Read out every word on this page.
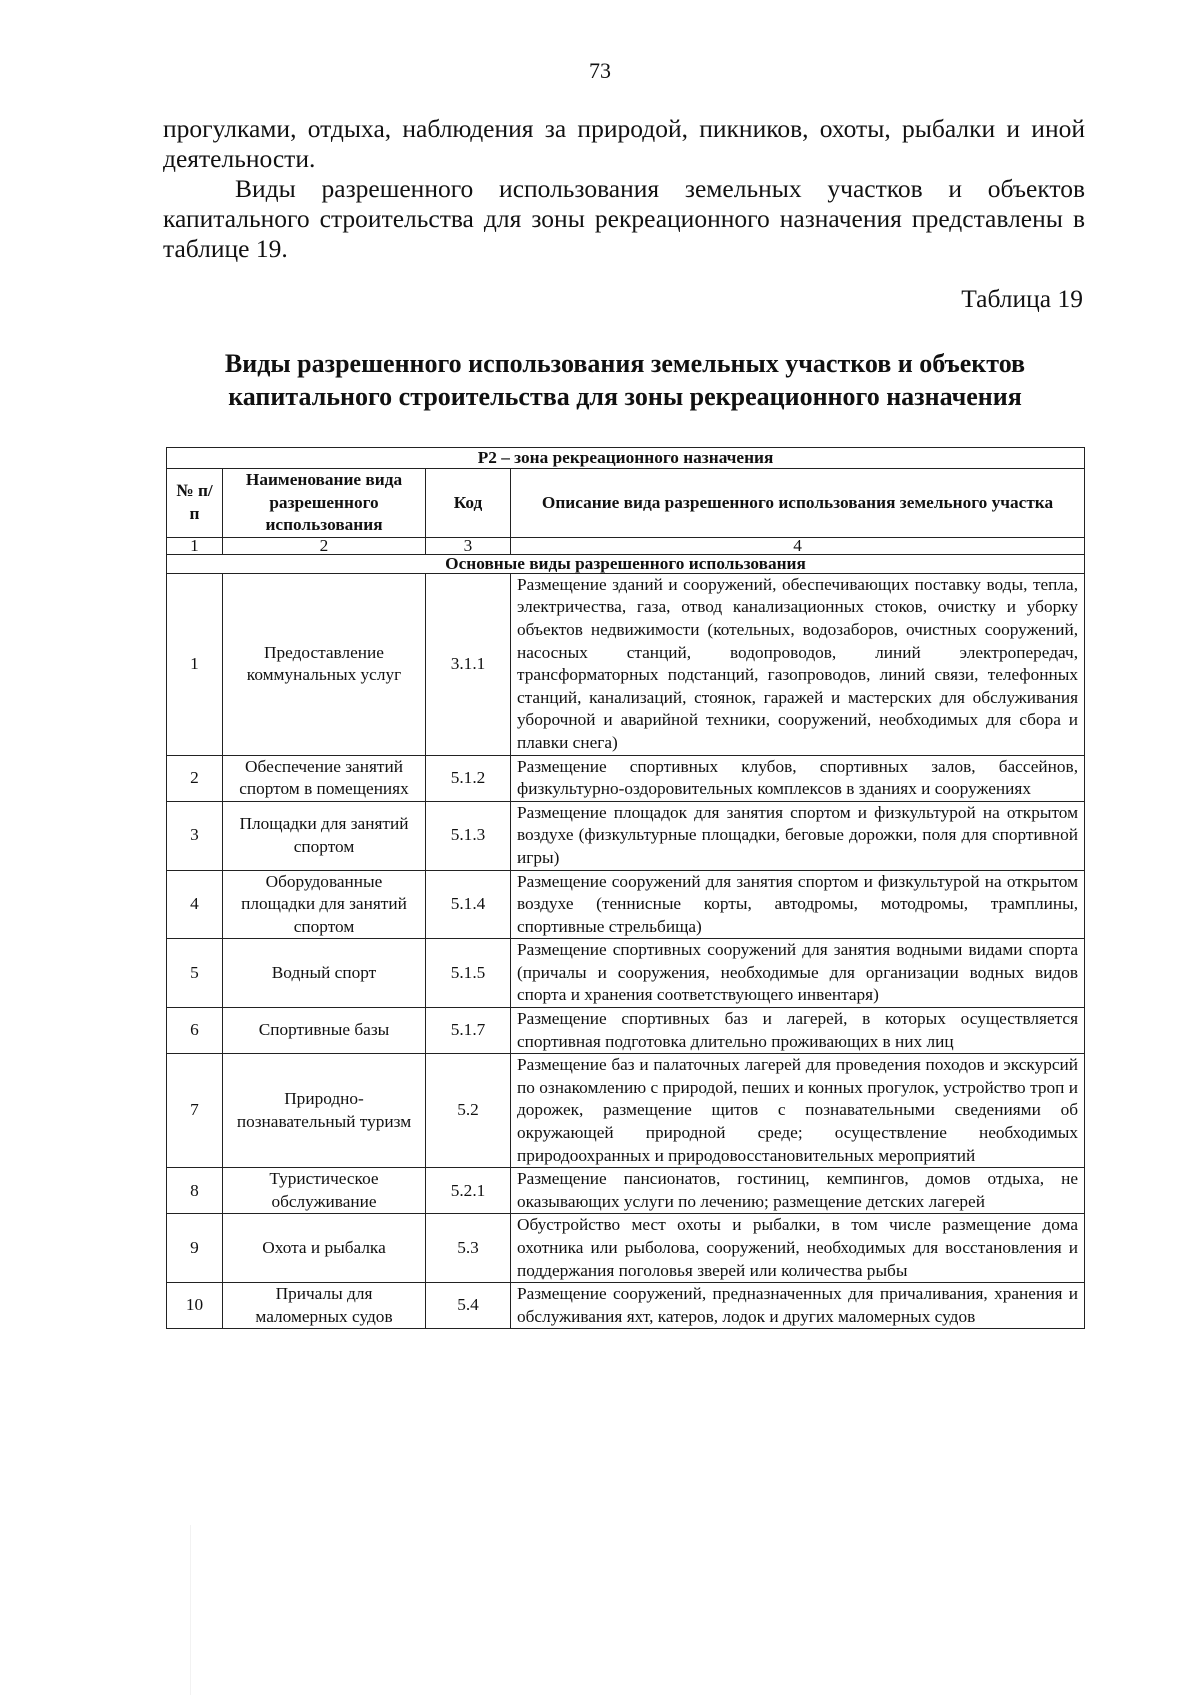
73

прогулками, отдыха, наблюдения за природой, пикников, охоты, рыбалки и иной деятельности.

Виды разрешенного использования земельных участков и объектов капитального строительства для зоны рекреационного назначения представлены в таблице 19.

Таблица 19
Виды разрешенного использования земельных участков и объектов капитального строительства для зоны рекреационного назначения
Р2 – зона рекреационного назначения			
№ п/п	Наименование вида разрешенного использования	Код	Описание вида разрешенного использования земельного участка
1	2	3	4
Основные виды разрешенного использования			
1	Предоставление коммунальных услуг	3.1.1	Размещение зданий и сооружений, обеспечивающих поставку воды, тепла, электричества, газа, отвод канализационных стоков, очистку и уборку объектов недвижимости (котельных, водозаборов, очистных сооружений, насосных станций, водопроводов, линий электропередач, трансформаторных подстанций, газопроводов, линий связи, телефонных станций, канализаций, стоянок, гаражей и мастерских для обслуживания уборочной и аварийной техники, сооружений, необходимых для сбора и плавки снега)
2	Обеспечение занятий спортом в помещениях	5.1.2	Размещение спортивных клубов, спортивных залов, бассейнов, физкультурно-оздоровительных комплексов в зданиях и сооружениях
3	Площадки для занятий спортом	5.1.3	Размещение площадок для занятия спортом и физкультурой на открытом воздухе (физкультурные площадки, беговые дорожки, поля для спортивной игры)
4	Оборудованные площадки для занятий спортом	5.1.4	Размещение сооружений для занятия спортом и физкультурой на открытом воздухе (теннисные корты, автодромы, мотодромы, трамплины, спортивные стрельбища)
5	Водный спорт	5.1.5	Размещение спортивных сооружений для занятия водными видами спорта (причалы и сооружения, необходимые для организации водных видов спорта и хранения соответствующего инвентаря)
6	Спортивные базы	5.1.7	Размещение спортивных баз и лагерей, в которых осуществляется спортивная подготовка длительно проживающих в них лиц
7	Природно-познавательный туризм	5.2	Размещение баз и палаточных лагерей для проведения походов и экскурсий по ознакомлению с природой, пеших и конных прогулок, устройство троп и дорожек, размещение щитов с познавательными сведениями об окружающей природной среде; осуществление необходимых природоохранных и природовосстановительных мероприятий
8	Туристическое обслуживание	5.2.1	Размещение пансионатов, гостиниц, кемпингов, домов отдыха, не оказывающих услуги по лечению; размещение детских лагерей
9	Охота и рыбалка	5.3	Обустройство мест охоты и рыбалки, в том числе размещение дома охотника или рыболова, сооружений, необходимых для восстановления и поддержания поголовья зверей или количества рыбы
10	Причалы для маломерных судов	5.4	Размещение сооружений, предназначенных для причаливания, хранения и обслуживания яхт, катеров, лодок и других маломерных судов
